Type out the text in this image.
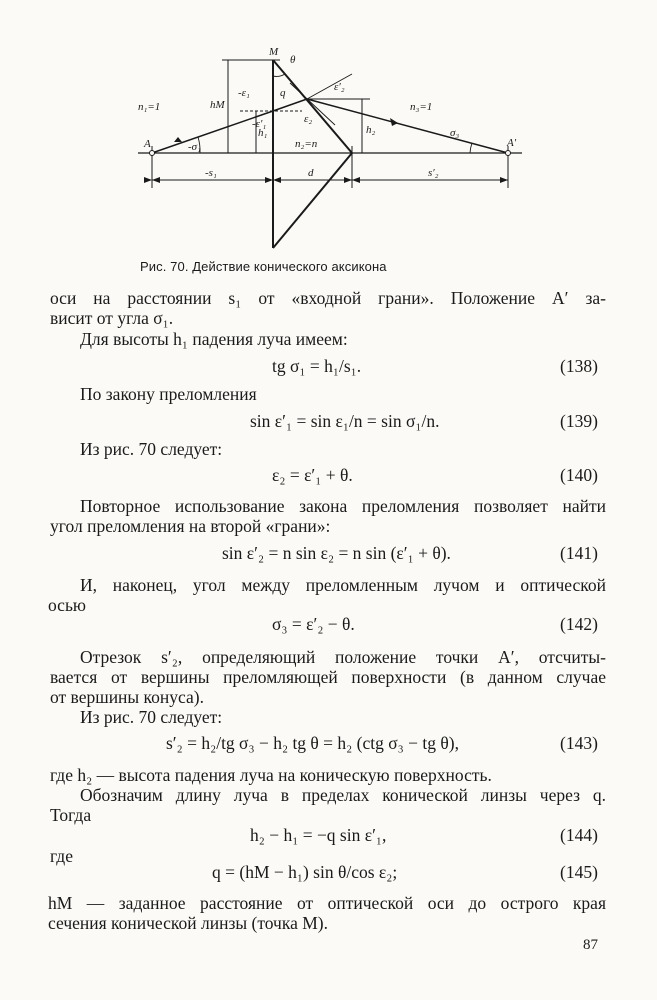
M
θ
n₁=1	hM
-ε₁	q	ε′₂
ε₂
-ε′₁
h₁
n₂=n
h₂
n₃=1
σ₃
A	-σ₁	A′
-s₁	d	s′₂
Рис. 70. Действие конического аксикона
оси на расстоянии s₁ от «входной грани». Положение A′ за-
висит от угла σ₁.
Для высоты h₁ падения луча имеем:
tg σ₁ = h₁/s₁.	(138)
По закону преломления
sin ε′₁ = sin ε₁/n = sin σ₁/n.	(139)
Из рис. 70 следует:
ε₂ = ε′₁ + θ.	(140)
Повторное использование закона преломления позволяет найти
угол преломления на второй «грани»:
sin ε′₂ = n sin ε₂ = n sin (ε′₁ + θ).	(141)
И, наконец, угол между преломленным лучом и оптической
осью
σ₃ = ε′₂ − θ.	(142)
Отрезок s′₂, определяющий положение точки A′, отсчиты-
вается от вершины преломляющей поверхности (в данном случае
от вершины конуса).
Из рис. 70 следует:
s′₂ = h₂/tg σ₃ − h₂ tg θ = h₂ (ctg σ₃ − tg θ),	(143)
где h₂ — высота падения луча на коническую поверхность.
Обозначим длину луча в пределах конической линзы через q.
Тогда
h₂ − h₁ = −q sin ε′₁,	(144)
где
q = (hM − h₁) sin θ/cos ε₂;	(145)
hM — заданное расстояние от оптической оси до острого края
сечения конической линзы (точка M).
87
